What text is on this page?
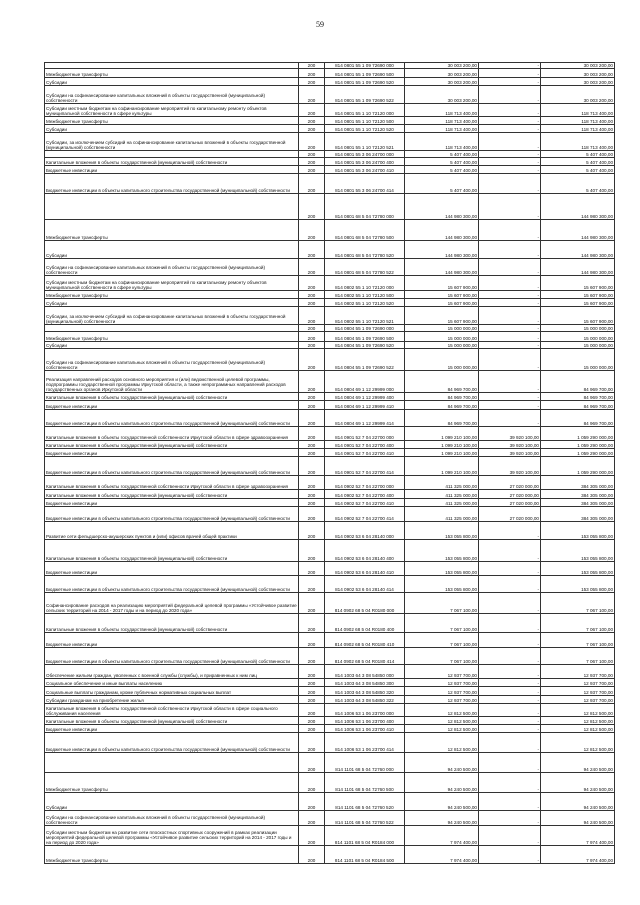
59
	200	814 0801 55 1 09 72690 000	30 003 200,00	-	30 003 200,00
Межбюджетные трансферты	200	814 0801 55 1 09 72690 500	30 003 200,00	-	30 003 200,00
Субсидии	200	814 0801 55 1 09 72690 520	30 003 200,00	-	30 003 200,00
Субсидии на софинансирование капитальных вложений в объекты государственной (муниципальной) собственности	200	814 0801 55 1 09 72690 522	30 003 200,00	-	30 003 200,00
Субсидии местным бюджетам на софинансирование мероприятий по капитальному ремонту объектов муниципальной собственности в сфере культуры	200	814 0801 55 1 10 72120 000	118 713 400,00	-	118 713 400,00
Межбюджетные трансферты	200	814 0801 55 1 10 72120 500	118 713 400,00	-	118 713 400,00
Субсидии	200	814 0801 55 1 10 72120 520	118 713 400,00	-	118 713 400,00
Субсидии, за исключением субсидий на софинансирование капитальных вложений в объекты государственной (муниципальной) собственности	200	814 0801 55 1 10 72120 521	118 713 400,00	-	118 713 400,00
	200	814 0801 55 3 06 24700 000	5 407 400,00	-	5 407 400,00
Капитальные вложения в объекты государственной (муниципальной) собственности	200	814 0801 55 3 06 24700 400	5 407 400,00	-	5 407 400,00
Бюджетные инвестиции	200	814 0801 55 3 06 24700 410	5 407 400,00	-	5 407 400,00
Бюджетные инвестиции в объекты капитального строительства государственной (муниципальной) собственности	200	814 0801 55 3 06 24700 414	5 407 400,00	-	5 407 400,00
	200	814 0801 68 5 04 72780 000	144 980 300,00	-	144 980 300,00
Межбюджетные трансферты	200	814 0801 68 5 04 72780 500	144 980 300,00	-	144 980 300,00
Субсидии	200	814 0801 68 5 04 72780 520	144 980 300,00	-	144 980 300,00
Субсидии на софинансирование капитальных вложений в объекты государственной (муниципальной) собственности	200	814 0801 68 5 04 72780 522	144 980 300,00	-	144 980 300,00
Субсидии местным бюджетам на софинансирование мероприятий по капитальному ремонту объектов муниципальной собственности в сфере культуры	200	814 0802 55 1 10 72120 000	15 607 900,00	-	15 607 900,00
Межбюджетные трансферты	200	814 0802 55 1 10 72120 500	15 607 900,00	-	15 607 900,00
Субсидии	200	814 0802 55 1 10 72120 520	15 607 900,00	-	15 607 900,00
Субсидии, за исключением субсидий на софинансирование капитальных вложений в объекты государственной (муниципальной) собственности	200	814 0802 55 1 10 72120 521	15 607 900,00	-	15 607 900,00
	200	814 0804 55 1 09 72690 000	15 000 000,00	-	15 000 000,00
Межбюджетные трансферты	200	814 0804 55 1 09 72690 500	15 000 000,00	-	15 000 000,00
Субсидии	200	814 0804 55 1 09 72690 520	15 000 000,00	-	15 000 000,00
Субсидии на софинансирование капитальных вложений в объекты государственной (муниципальной) собственности	200	814 0804 55 1 09 72690 522	15 000 000,00	-	15 000 000,00
Реализация направлений расходов основного мероприятия и (или) ведомственной целевой программы, подпрограммы государственной программы Иркутской области, а также непрограммных направлений расходов государственных органов Иркутской области	200	814 0804 69 1 12 29999 000	84 969 700,00	-	84 969 700,00
Капитальные вложения в объекты государственной (муниципальной) собственности	200	814 0804 69 1 12 29999 400	84 969 700,00	-	84 969 700,00
Бюджетные инвестиции	200	814 0804 69 1 12 29999 410	84 969 700,00	-	84 969 700,00
Бюджетные инвестиции в объекты капитального строительства государственной (муниципальной) собственности	200	814 0804 69 1 12 29999 414	84 969 700,00	-	84 969 700,00
Капитальные вложения в объекты государственной собственности Иркутской области в сфере здравоохранения	200	814 0901 52 7 04 22700 000	1 099 210 100,00	39 920 100,00	1 059 290 000,00
Капитальные вложения в объекты государственной (муниципальной) собственности	200	814 0901 52 7 04 22700 400	1 099 210 100,00	39 920 100,00	1 059 290 000,00
Бюджетные инвестиции	200	814 0901 52 7 04 22700 410	1 099 210 100,00	39 920 100,00	1 059 290 000,00
Бюджетные инвестиции в объекты капитального строительства государственной (муниципальной) собственности	200	814 0901 52 7 04 22700 414	1 099 210 100,00	39 920 100,00	1 059 290 000,00
Капитальные вложения в объекты государственной собственности Иркутской области в сфере здравоохранения	200	814 0902 52 7 04 22700 000	411 325 000,00	27 020 000,00	384 305 000,00
Капитальные вложения в объекты государственной (муниципальной) собственности	200	814 0902 52 7 04 22700 400	411 325 000,00	27 020 000,00	384 305 000,00
Бюджетные инвестиции	200	814 0902 52 7 04 22700 410	411 325 000,00	27 020 000,00	384 305 000,00
Бюджетные инвестиции в объекты капитального строительства государственной (муниципальной) собственности	200	814 0902 52 7 04 22700 414	411 325 000,00	27 020 000,00	384 305 000,00
Развитие сети фельдшерско-акушерских пунктов и (или) офисов врачей общей практики	200	814 0902 53 6 04 28140 000	153 055 800,00	-	153 055 800,00
Капитальные вложения в объекты государственной (муниципальной) собственности	200	814 0902 53 6 04 28140 400	153 055 800,00	-	153 055 800,00
Бюджетные инвестиции	200	814 0902 53 6 04 28140 410	153 055 800,00	-	153 055 800,00
Бюджетные инвестиции в объекты капитального строительства государственной (муниципальной) собственности	200	814 0902 53 6 04 28140 414	153 055 800,00	-	153 055 800,00
Софинансирование расходов на реализацию мероприятий федеральной целевой программы «Устойчивое развитие сельских территорий на 2014 - 2017 годы и на период до 2020 года»	200	814 0902 68 5 04 R0180 000	7 067 100,00	-	7 067 100,00
Капитальные вложения в объекты государственной (муниципальной) собственности	200	814 0902 68 5 04 R0180 400	7 067 100,00	-	7 067 100,00
Бюджетные инвестиции	200	814 0902 68 5 04 R0180 410	7 067 100,00	-	7 067 100,00
Бюджетные инвестиции в объекты капитального строительства государственной (муниципальной) собственности	200	814 0902 68 5 04 R0180 414	7 067 100,00	-	7 067 100,00
Обеспечение жильем граждан, уволенных с военной службы (службы), и приравненных к ним лиц	200	814 1003 64 3 08 54850 000	12 937 700,00	-	12 937 700,00
Социальное обеспечение и иные выплаты населению	200	814 1003 64 3 08 54850 300	12 937 700,00	-	12 937 700,00
Социальные выплаты гражданам, кроме публичных нормативных социальных выплат	200	814 1003 64 3 08 54850 320	12 937 700,00	-	12 937 700,00
Субсидии гражданам на приобретение жилья	200	814 1003 64 3 08 54850 322	12 937 700,00	-	12 937 700,00
Капитальные вложения в объекты государственной собственности Иркутской области в сфере социального обслуживания населения	200	814 1006 53 1 06 23700 000	12 812 500,00	-	12 812 500,00
Капитальные вложения в объекты государственной (муниципальной) собственности	200	814 1006 53 1 06 23700 400	12 812 500,00	-	12 812 500,00
Бюджетные инвестиции	200	814 1006 53 1 06 23700 410	12 812 500,00	-	12 812 500,00
Бюджетные инвестиции в объекты капитального строительства государственной (муниципальной) собственности	200	814 1006 53 1 06 23700 414	12 812 500,00	-	12 812 500,00
	200	814 1101 68 5 04 72760 000	94 240 500,00	-	94 240 500,00
Межбюджетные трансферты	200	814 1101 68 5 04 72760 500	94 240 500,00	-	94 240 500,00
Субсидии	200	814 1101 68 5 04 72760 520	94 240 500,00	-	94 240 500,00
Субсидии на софинансирование капитальных вложений в объекты государственной (муниципальной) собственности	200	814 1101 68 5 04 72760 522	94 240 500,00	-	94 240 500,00
Субсидии местным бюджетам на развитие сети плоскостных спортивных сооружений в рамках реализации мероприятий федеральной целевой программы «Устойчивое развитие сельских территорий на 2014 - 2017 годы и на период до 2020 года»	200	814 1101 68 5 04 R0184 000	7 974 400,00	-	7 974 400,00
Межбюджетные трансферты	200	814 1101 68 5 04 R0184 500	7 974 400,00	-	7 974 400,00
